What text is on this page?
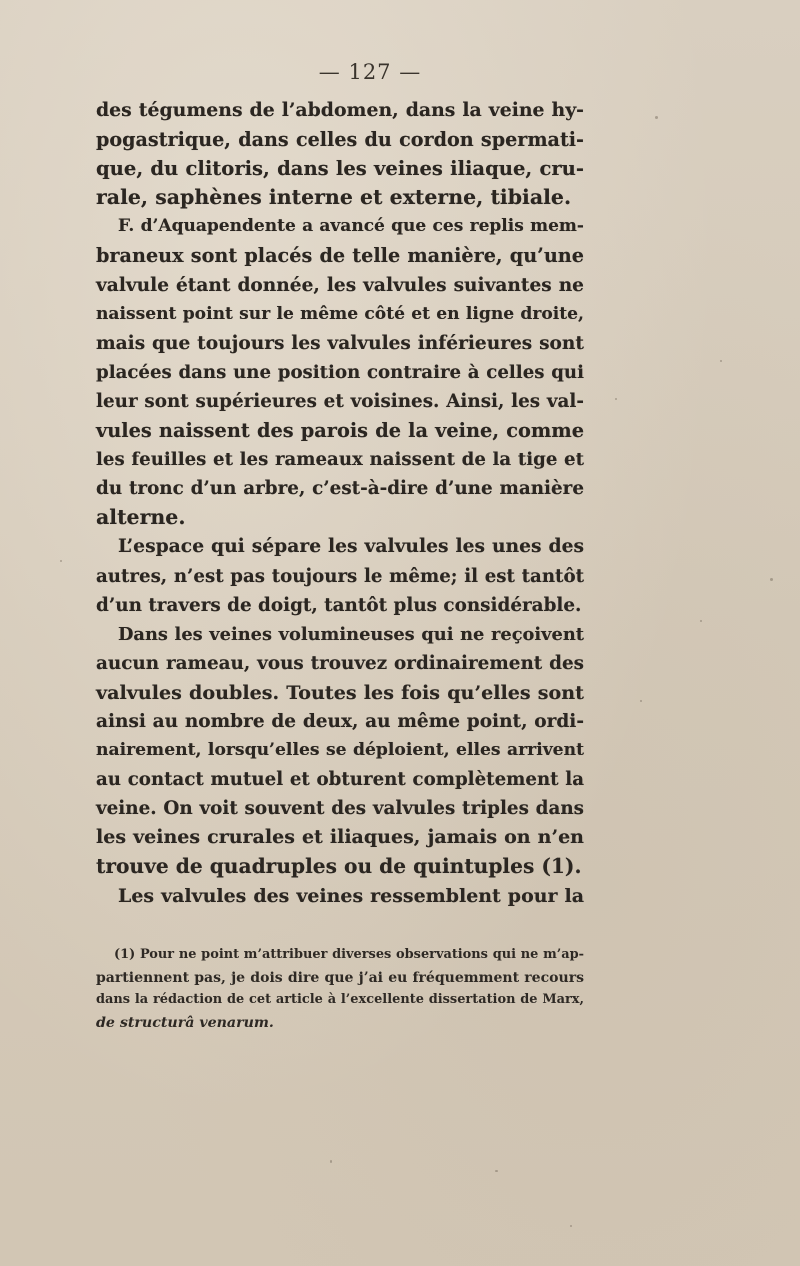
— 127 —
des tégumens de l’abdomen, dans la veine hy-
pogastrique, dans celles du cordon spermati-
que, du clitoris, dans les veines iliaque, cru-
rale, saphènes interne et externe, tibiale.
F. d’Aquapendente a avancé que ces replis mem-
braneux sont placés de telle manière, qu’une
valvule étant donnée, les valvules suivantes ne
naissent point sur le même côté et en ligne droite,
mais que toujours les valvules inférieures sont
placées dans une position contraire à celles qui
leur sont supérieures et voisines. Ainsi, les val-
vules naissent des parois de la veine, comme
les feuilles et les rameaux naissent de la tige et
du tronc d’un arbre, c’est-à-dire d’une manière
alterne.
L’espace qui sépare les valvules les unes des
autres, n’est pas toujours le même; il est tantôt
d’un travers de doigt, tantôt plus considérable.
Dans les veines volumineuses qui ne reçoivent
aucun rameau, vous trouvez ordinairement des
valvules doubles. Toutes les fois qu’elles sont
ainsi au nombre de deux, au même point, ordi-
nairement, lorsqu’elles se déploient, elles arrivent
au contact mutuel et obturent complètement la
veine. On voit souvent des valvules triples dans
les veines crurales et iliaques, jamais on n’en
trouve de quadruples ou de quintuples (1).
Les valvules des veines ressemblent pour la
(1) Pour ne point m’attribuer diverses observations qui ne m’ap-
partiennent pas, je dois dire que j’ai eu fréquemment recours
dans la rédaction de cet article à l’excellente dissertation de Marx,
de structurâ venarum.
